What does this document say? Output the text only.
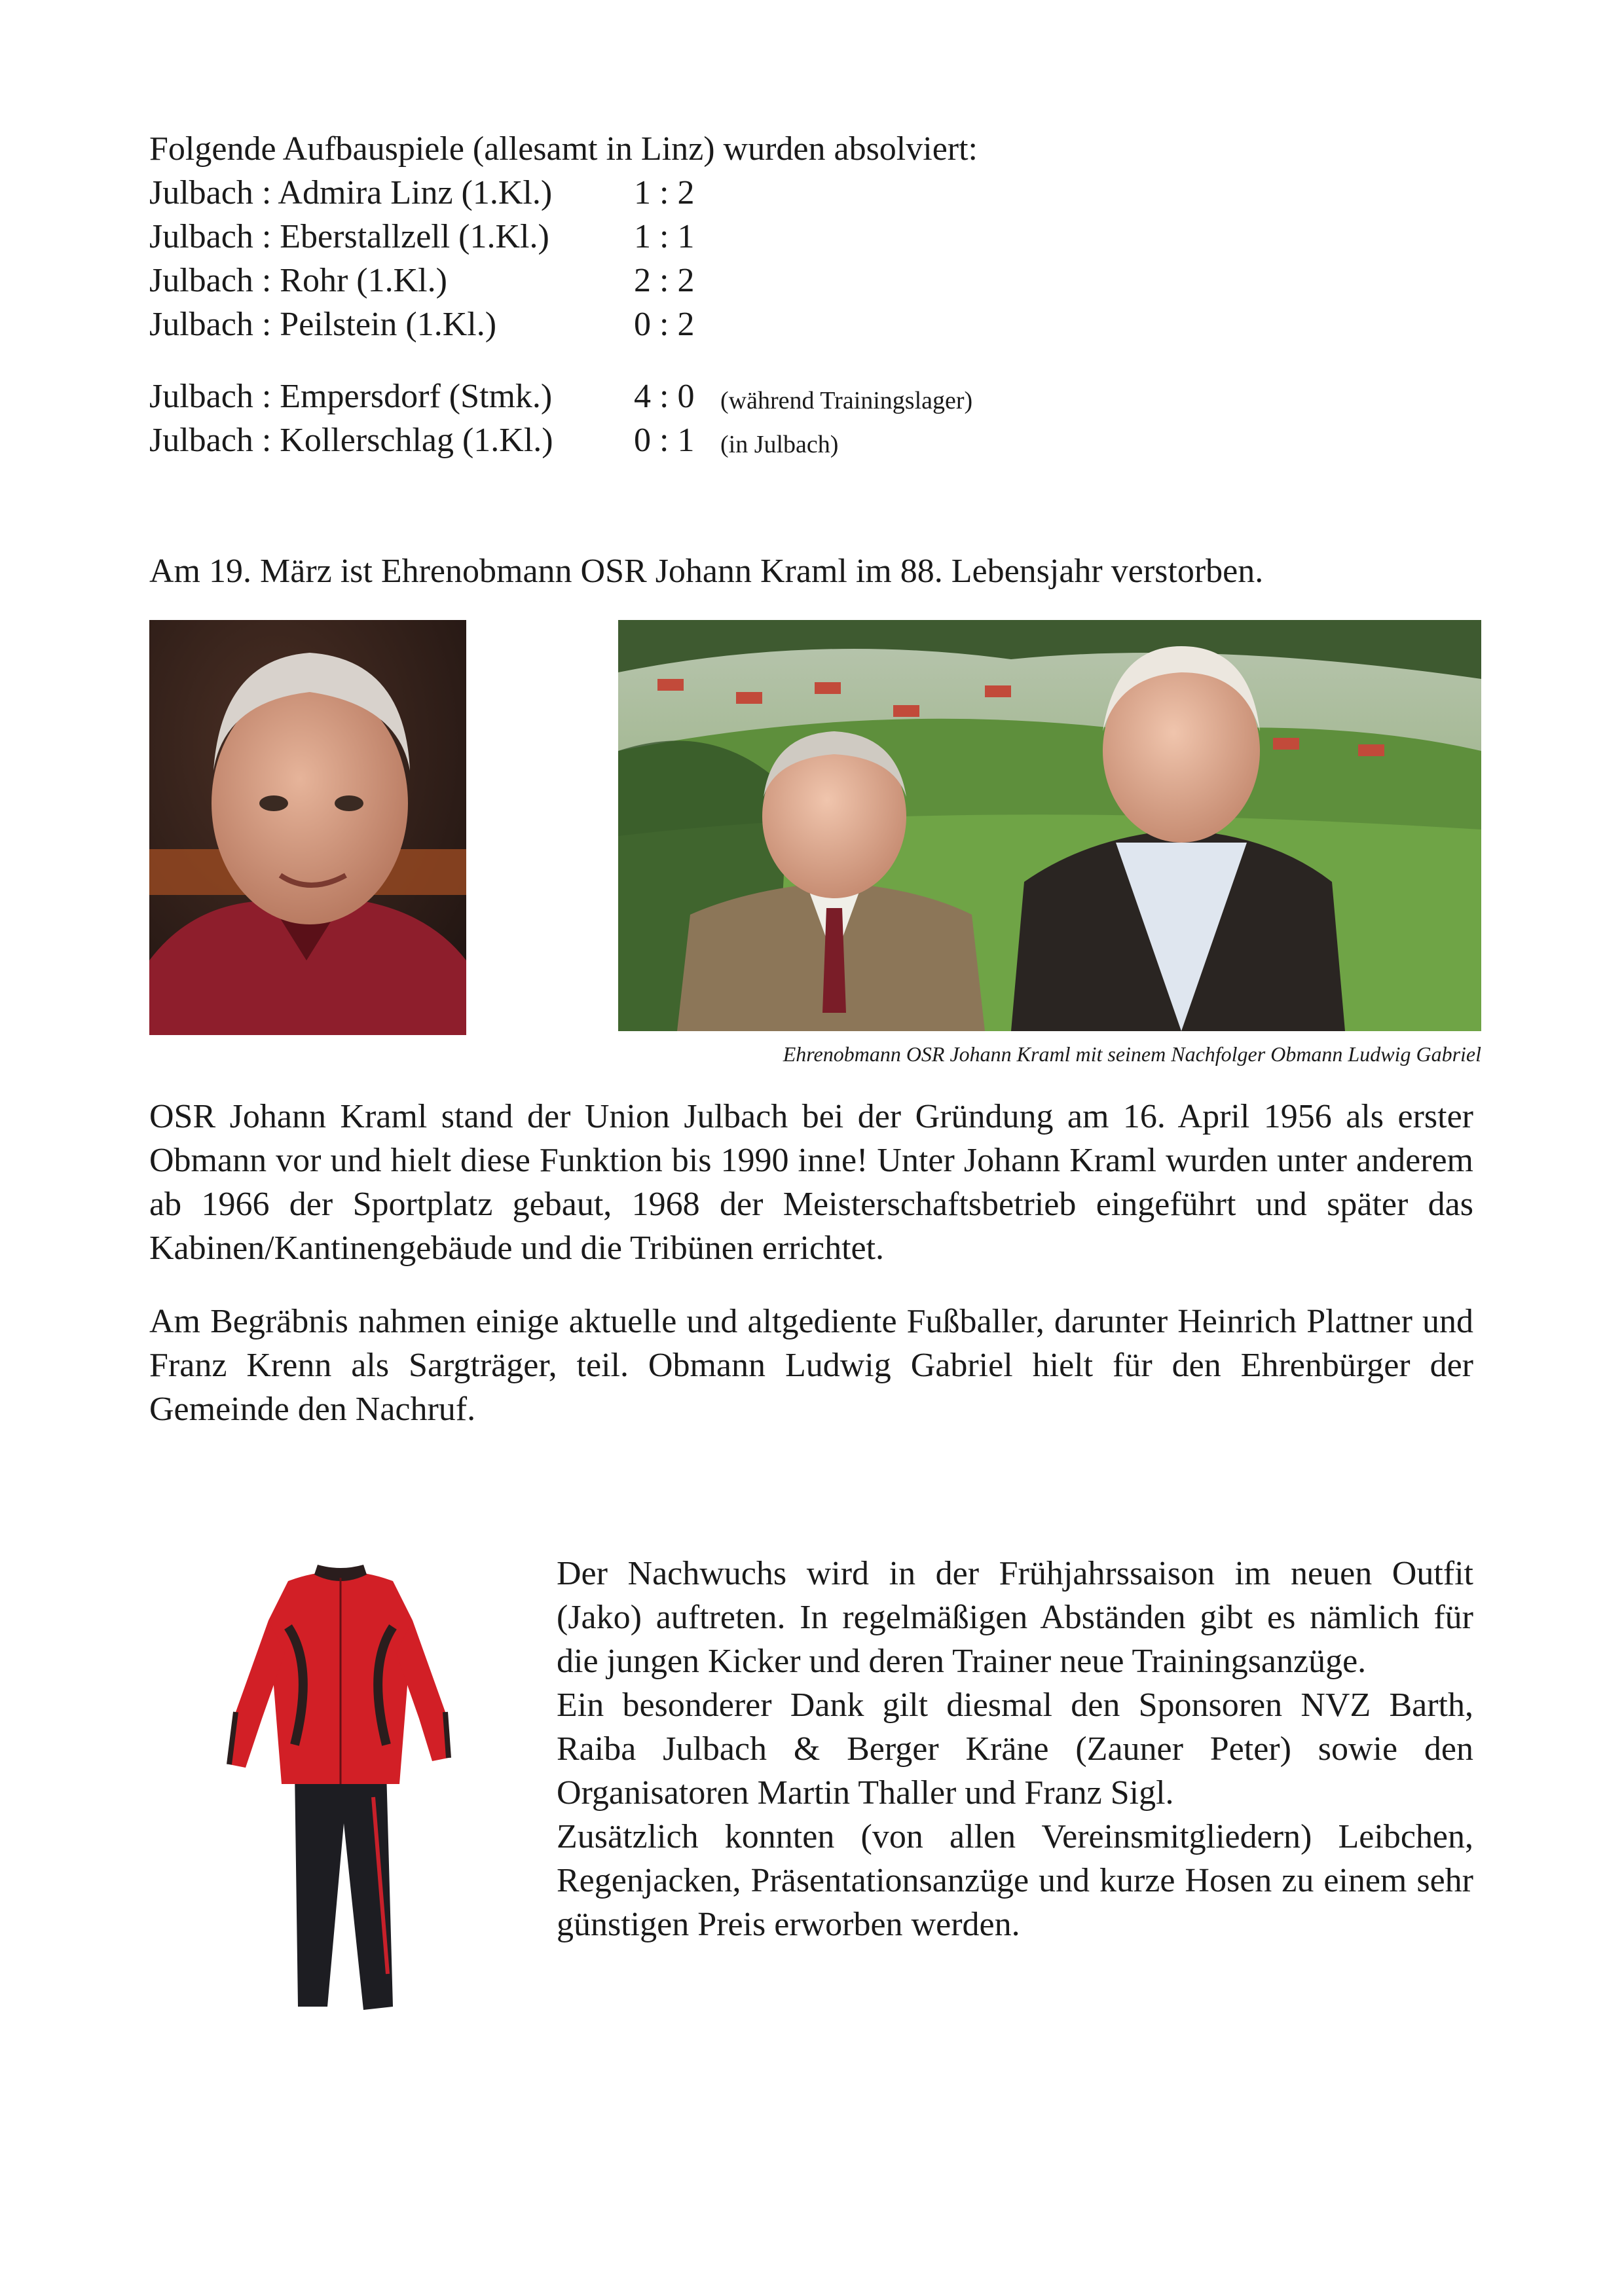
Folgende Aufbauspiele (allesamt in Linz) wurden absolviert:
Julbach : Admira Linz (1.Kl.) 1 : 2
Julbach : Eberstallzell (1.Kl.) 1 : 1
Julbach : Rohr (1.Kl.)	2 : 2
Julbach : Peilstein (1.Kl.)	0 : 2
Julbach : Empersdorf (Stmk.) 4 : 0 (während Trainingslager)
Julbach : Kollerschlag (1.Kl.) 0 : 1 (in Julbach)
Am 19. März ist Ehrenobmann OSR Johann Kraml im 88. Lebensjahr verstorben.
Ehrenobmann OSR Johann Kraml mit seinem Nachfolger Obmann Ludwig Gabriel

OSR Johann Kraml stand der Union Julbach bei der Gründung am 16. April 1956 als erster Obmann vor und hielt diese Funktion bis 1990 inne! Unter Johann Kraml wurden unter anderem ab 1966 der Sportplatz gebaut, 1968 der Meisterschaftsbetrieb eingeführt und später das Kabinen/Kantinengebäude und die Tribünen errichtet.

Am Begräbnis nahmen einige aktuelle und altgediente Fußballer, darunter Heinrich Plattner und Franz Krenn als Sargträger, teil. Obmann Ludwig Gabriel hielt für den Ehrenbürger der Gemeinde den Nachruf.

Der Nachwuchs wird in der Frühjahrssaison im neuen Outfit (Jako) auftreten. In regelmäßigen Abständen gibt es nämlich für die jungen Kicker und deren Trainer neue Trainingsanzüge.

Ein besonderer Dank gilt diesmal den Sponsoren NVZ Barth, Raiba Julbach & Berger Kräne (Zauner Peter) sowie den Organisatoren Martin Thaller und Franz Sigl.

Zusätzlich konnten (von allen Vereinsmitgliedern) Leibchen, Regenjacken, Präsentationsanzüge und kurze Hosen zu einem sehr günstigen Preis erworben werden.
